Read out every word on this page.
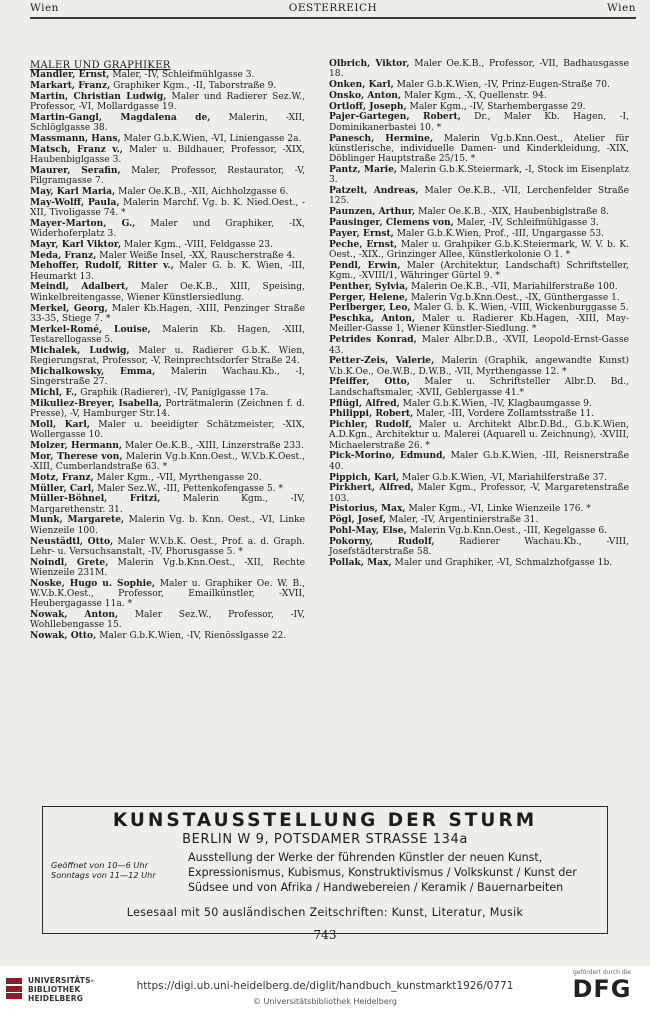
Wien	OESTERREICH	Wien
MALER UND GRAPHIKER
Mandler, Ernst, Maler, -IV, Schleifmühlgasse 3.
Markart, Franz, Graphiker Kgm., -II, Taborstraße 9.
Martin, Christian Ludwig, Maler und Radierer Sez.W., Professor, -VI, Mollardgasse 19.
Martin-Gangl, Magdalena de, Malerin, -XII, Schlöglgasse 38.
Massmann, Hans, Maler G.b.K.Wien, -VI, Liniengasse 2a.
Matsch, Franz v., Maler u. Bildhauer, Professor, -XIX, Haubenbiglgasse 3.
Maurer, Serafin, Maler, Professor, Restaurator, -V, Pilgramgasse 7.
May, Karl Maria, Maler Oe.K.B., -XII, Aichholzgasse 6.
May-Wolff, Paula, Malerin Marchf. Vg. b. K. Nied.Oest., -XII, Tivoligasse 74. *
Mayer-Marton, G., Maler und Graphiker, -IX, Widerhoferplatz 3.
Mayr, Karl Viktor, Maler Kgm., -VIII, Feldgasse 23.
Meda, Franz, Maler Weiße Insel, -XX, Rauscherstraße 4.
Mehoffer, Rudolf, Ritter v., Maler G. b. K. Wien, -III, Heumarkt 13.
Meindl, Adalbert, Maler Oe.K.B., XIII, Speising, Winkelbreitengasse, Wiener Künstlersiedlung.
Merkel, Georg, Maler Kb.Hagen, -XIII, Penzinger Straße 33-35, Stiege 7. *
Merkel-Romé, Louise, Malerin Kb. Hagen, -XIII, Testarellogasse 5.
Michalek, Ludwig, Maler u. Radierer G.b.K. Wien, Regierungsrat, Professor, -V, Reinprechtsdorfer Straße 24.
Michalkowsky, Emma, Malerin Wachau.Kb., -I, Singerstraße 27.
Michl, F., Graphik (Radierer), -IV, Paniglgasse 17a.
Mikuliez-Breyer, Isabella, Porträtmalerin (Zeichnen f. d. Presse), -V, Hamburger Str.14.
Moll, Karl, Maler u. beeidigter Schätzmeister, -XIX, Wollergasse 10.
Molzer, Hermann, Maler Oe.K.B., -XIII, Linzerstraße 233.
Mor, Therese von, Malerin Vg.b.Knn.Oest., W.V.b.K.Oest., -XIII, Cumberlandstraße 63. *
Motz, Franz, Maler Kgm., -VII, Myrthengasse 20.
Müller, Carl, Maler Sez.W., -III, Pettenkofengasse 5. *
Müller-Böhnel, Fritzi, Malerin Kgm., -IV, Margarethenstr. 31.
Munk, Margarete, Malerin Vg. b. Knn. Oest., -VI, Linke Wienzeile 100.
Neustädtl, Otto, Maler W.V.b.K. Oest., Prof. a. d. Graph. Lehr- u. Versuchsanstalt, -IV, Phorusgasse 5. *
Noindl, Grete, Malerin Vg.b.Knn.Oest., -XII, Rechte Wienzeile 231M.
Noske, Hugo u. Sophie, Maler u. Graphiker Oe. W. B., W.V.b.K.Oest., Professor, Emailkünstler, -XVII, Heubergagasse 11a. *
Nowak, Anton, Maler Sez.W., Professor, -IV, Wohllebengasse 15.
Nowak, Otto, Maler G.b.K.Wien, -IV, Rienösslgasse 22.
Olbrich, Viktor, Maler Oe.K.B., Professor, -VII, Badhausgasse 18.
Onken, Karl, Maler G.b.K.Wien, -IV, Prinz-Eugen-Straße 70.
Onsko, Anton, Maler Kgm., -X, Quellenstr. 94.
Ortloff, Joseph, Maler Kgm., -IV, Starhembergasse 29.
Pajer-Gartegen, Robert, Dr., Maler Kb. Hagen, -I, Dominikanerbastei 10. *
Panesch, Hermine, Malerin Vg.b.Knn.Oest., Atelier für künstlerische, individuelle Damen- und Kinderkleidung, -XIX, Döblinger Hauptstraße 25/15. *
Pantz, Marie, Malerin G.b.K.Steiermark, -I, Stock im Eisenplatz 3.
Patzelt, Andreas, Maler Oe.K.B., -VII, Lerchenfelder Straße 125.
Paunzen, Arthur, Maler Oe.K.B., -XIX, Haubenbiglstraße 8.
Pausinger, Clemens von, Maler, -IV, Schleifmühlgasse 3.
Payer, Ernst, Maler G.b.K.Wien, Prof., -III, Ungargasse 53.
Peche, Ernst, Maler u. Grahpiker G.b.K.Steiermark, W. V. b. K. Oest., -XIX., Grinzinger Allee, Künstlerkolonie O 1. *
Pendl, Erwin, Maler (Architektur, Landschaft) Schriftsteller, Kgm., -XVIII/1, Währinger Gürtel 9. *
Penther, Sylvia, Malerin Oe.K.B., -VII, Mariahilferstraße 100.
Perger, Helene, Malerin Vg.b.Knn.Oest., -IX, Günthergasse 1.
Perlberger, Leo, Maler G. b. K. Wien, -VIII, Wickenburggasse 5.
Peschka, Anton, Maler u. Radierer Kb.Hagen, -XIII, May-Meiller-Gasse 1, Wiener Künstler-Siedlung. *
Petrides Konrad, Maler Albr.D.B., -XVII, Leopold-Ernst-Gasse 43.
Petter-Zeis, Valerie, Malerin (Graphik, angewandte Kunst) V.b.K.Oe., Oe.W.B., D.W.B., -VII, Myrthengasse 12. *
Pfeiffer, Otto, Maler u. Schriftsteller Albr.D. Bd., Landschaftsmaler, -XVII, Geblergasse 41.*
Pflügl, Alfred, Maler G.b.K.Wien, -IV, Klagbaumgasse 9.
Philippi, Robert, Maler, -III, Vordere Zollamtsstraße 11.
Pichler, Rudolf, Maler u. Architekt Albr.D.Bd., G.b.K.Wien, A.D.Kgn., Architektur u. Malerei (Aquarell u. Zeichnung), -XVIII, Michaelerstraße 26. *
Pick-Morino, Edmund, Maler G.b.K.Wien, -III, Reisnerstraße 40.
Pippich, Karl, Maler G.b.K.Wien, -VI, Mariahilferstraße 37.
Pirkhert, Alfred, Maler Kgm., Professor, -V, Margaretenstraße 103.
Pistorius, Max, Maler Kgm., -VI, Linke Wienzeile 176. *
Pögl, Josef, Maler, -IV, Argentinierstraße 31.
Pohl-May, Else, Malerin Vg.b.Knn.Oest., -III, Kegelgasse 6.
Pokorny, Rudolf, Radierer Wachau.Kb., -VIII, Josefstädterstraße 58.
Pollak, Max, Maler und Graphiker, -VI, Schmalzhofgasse 1b.
KUNSTAUSSTELLUNG DER STURM
BERLIN W 9, POTSDAMER STRASSE 134a
Geöffnet von 10—6 Uhr
Sonntags von 11—12 Uhr
Ausstellung der Werke der führenden Künstler der neuen Kunst, Expressionismus, Kubismus, Konstruktivismus / Volkskunst / Kunst der Südsee und von Afrika / Handwebereien / Keramik / Bauernarbeiten
Lesesaal mit 50 ausländischen Zeitschriften: Kunst, Literatur, Musik
743
UNIVERSITÄTS-
BIBLIOTHEK
HEIDELBERG
https://digi.ub.uni-heidelberg.de/diglit/handbuch_kunstmarkt1926/0771
© Universitätsbibliothek Heidelberg
gefördert durch die
DFG
